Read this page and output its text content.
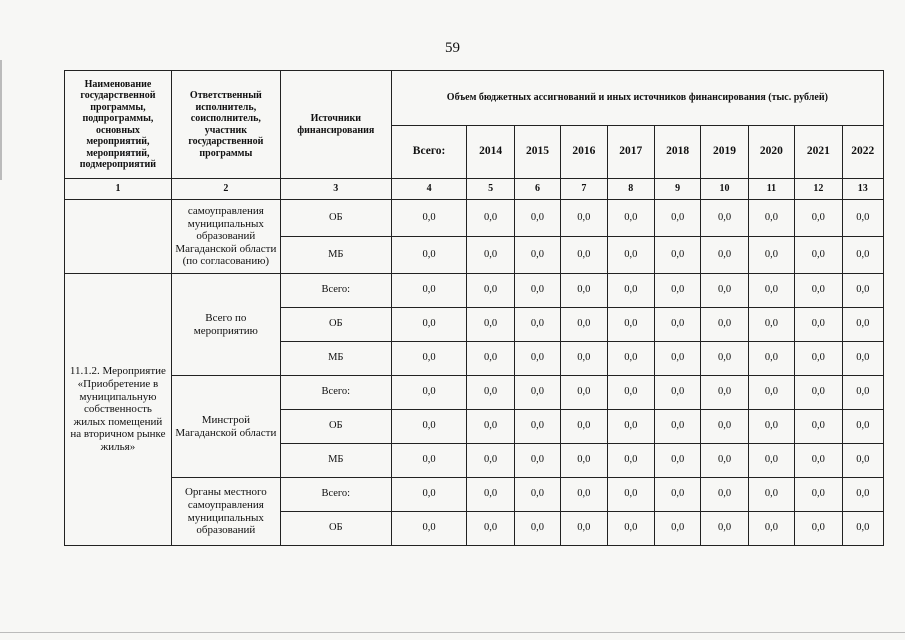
59
Наименование государственной программы, подпрограммы, основных мероприятий, мероприятий, подмероприятий	Ответственный исполнитель, соисполнитель, участник государственной программы	Источники финансирования	Объем бюджетных ассигнований и иных источников финансирования (тыс. рублей)									
			Всего:	2014	2015	2016	2017	2018	2019	2020	2021	2022
1	2	3	4	5	6	7	8	9	10	11	12	13
	самоуправления муниципальных образований Магаданской области (по согласованию)	ОБ	0,0	0,0	0,0	0,0	0,0	0,0	0,0	0,0	0,0	0,0
		МБ	0,0	0,0	0,0	0,0	0,0	0,0	0,0	0,0	0,0	0,0
11.1.2. Мероприятие «Приобретение в муниципальную собственность жилых помещений на вторичном рынке жилья»	Всего по мероприятию	Всего:	0,0	0,0	0,0	0,0	0,0	0,0	0,0	0,0	0,0	0,0
		ОБ	0,0	0,0	0,0	0,0	0,0	0,0	0,0	0,0	0,0	0,0
		МБ	0,0	0,0	0,0	0,0	0,0	0,0	0,0	0,0	0,0	0,0
	Минстрой Магаданской области	Всего:	0,0	0,0	0,0	0,0	0,0	0,0	0,0	0,0	0,0	0,0
		ОБ	0,0	0,0	0,0	0,0	0,0	0,0	0,0	0,0	0,0	0,0
		МБ	0,0	0,0	0,0	0,0	0,0	0,0	0,0	0,0	0,0	0,0
	Органы местного самоуправления муниципальных образований	Всего:	0,0	0,0	0,0	0,0	0,0	0,0	0,0	0,0	0,0	0,0
		ОБ	0,0	0,0	0,0	0,0	0,0	0,0	0,0	0,0	0,0	0,0
